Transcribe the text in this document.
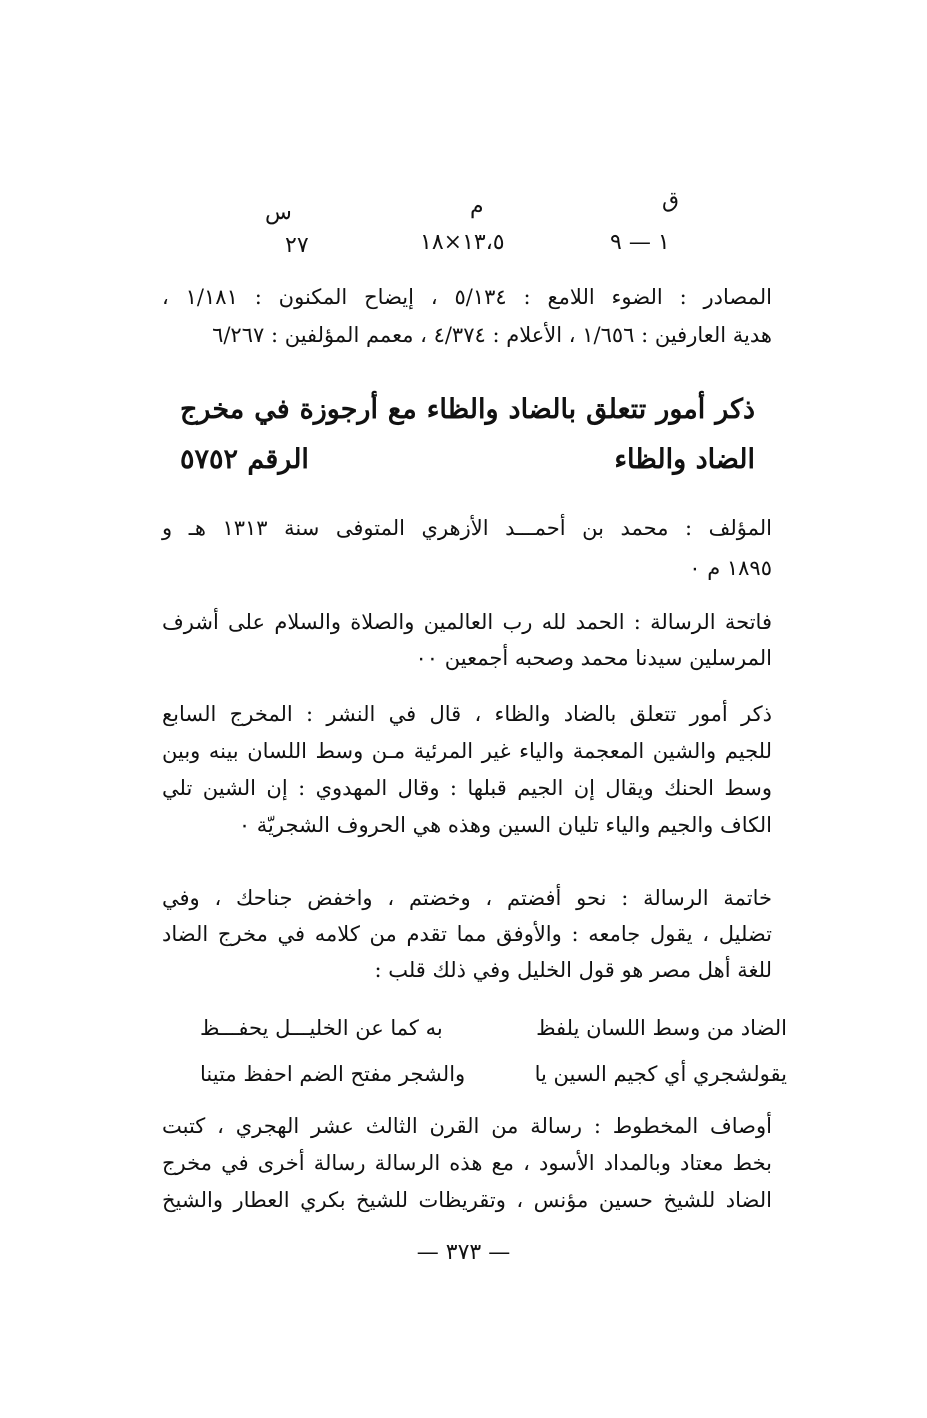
ق
م
س
١ — ٩
١٣،٥×١٨
٢٧
المصادر : الضوء اللامع : ٥/١٣٤ ، إيضاح المكنون : ١/١٨١ ،
هدية العارفين : ١/٦٥٦ ، الأعلام : ٤/٣٧٤ ، معمم المؤلفين : ٦/٢٦٧
ذكر أمور تتعلق بالضاد والظاء مع أرجوزة في مخرج
الضاد والظاء
الرقم ٥٧٥٢
المؤلف : محمد بن أحمـــد الأزهري المتوفى سنة ١٣١٣ هـ و
١٨٩٥ م ٠
فاتحة الرسالة : الحمد لله رب العالمين والصلاة والسلام على أشرف
المرسلين سيدنا محمد وصحبه أجمعين ٠٠
ذكر أمور تتعلق بالضاد والظاء ، قال في النشر : المخرج السابع
للجيم والشين المعجمة والياء غير المرئية مـن وسط اللسان بينه وبين
وسط الحنك ويقال إن الجيم قبلها : وقال المهدوي : إن الشين تلي
الكاف والجيم والياء تليان السين وهذه هي الحروف الشجريّة ٠
خاتمة الرسالة : نحو أفضتم ، وخضتم ، واخفض جناحك ، وفي
تضليل ، يقول جامعه : والأوفق مما تقدم من كلامه في مخرج الضاد
للغة أهل مصر هو قول الخليل وفي ذلك قلب :
الضاد من وسط اللسان يلفظ
به كما عن الخليـــل يحفـــظ
يقولشجري أي كجيم السين يا
والشجر مفتح الضم احفظ متينا
أوصاف المخطوط : رسالة من القرن الثالث عشر الهجري ، كتبت
بخط معتاد وبالمداد الأسود ، مع هذه الرسالة رسالة أخرى في مخرج
الضاد للشيخ حسين مؤنس ، وتقريظات للشيخ بكري العطار والشيخ
— ٣٧٣ —
